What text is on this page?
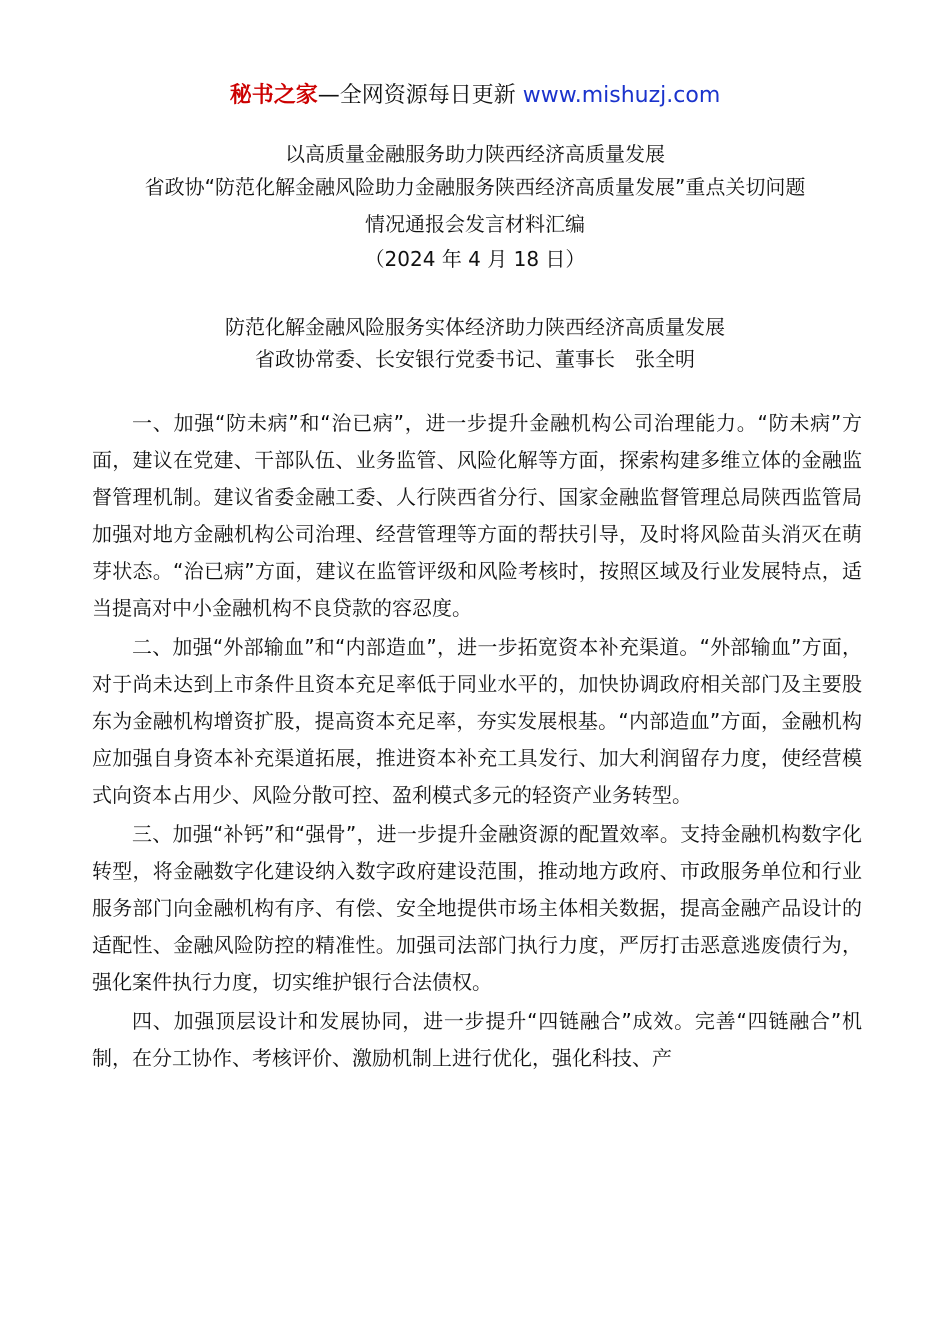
秘书之家—全网资源每日更新 www.mishuzj.com
以高质量金融服务助力陕西经济高质量发展
省政协“防范化解金融风险助力金融服务陕西经济高质量发展”重点关切问题
情况通报会发言材料汇编
（2024 年 4 月 18 日）
防范化解金融风险服务实体经济助力陕西经济高质量发展
省政协常委、长安银行党委书记、董事长　张全明

一、加强“防未病”和“治已病”，进一步提升金融机构公司治理能力。“防未病”方面，建议在党建、干部队伍、业务监管、风险化解等方面，探索构建多维立体的金融监督管理机制。建议省委金融工委、人行陕西省分行、国家金融监督管理总局陕西监管局加强对地方金融机构公司治理、经营管理等方面的帮扶引导，及时将风险苗头消灭在萌芽状态。“治已病”方面，建议在监管评级和风险考核时，按照区域及行业发展特点，适当提高对中小金融机构不良贷款的容忍度。

二、加强“外部输血”和“内部造血”，进一步拓宽资本补充渠道。“外部输血”方面，对于尚未达到上市条件且资本充足率低于同业水平的，加快协调政府相关部门及主要股东为金融机构增资扩股，提高资本充足率，夯实发展根基。“内部造血”方面，金融机构应加强自身资本补充渠道拓展，推进资本补充工具发行、加大利润留存力度，使经营模式向资本占用少、风险分散可控、盈利模式多元的轻资产业务转型。

三、加强“补钙”和“强骨”，进一步提升金融资源的配置效率。支持金融机构数字化转型，将金融数字化建设纳入数字政府建设范围，推动地方政府、市政服务单位和行业服务部门向金融机构有序、有偿、安全地提供市场主体相关数据，提高金融产品设计的适配性、金融风险防控的精准性。加强司法部门执行力度，严厉打击恶意逃废债行为，强化案件执行力度，切实维护银行合法债权。

四、加强顶层设计和发展协同，进一步提升“四链融合”成效。完善“四链融合”机制，在分工协作、考核评价、激励机制上进行优化，强化科技、产
